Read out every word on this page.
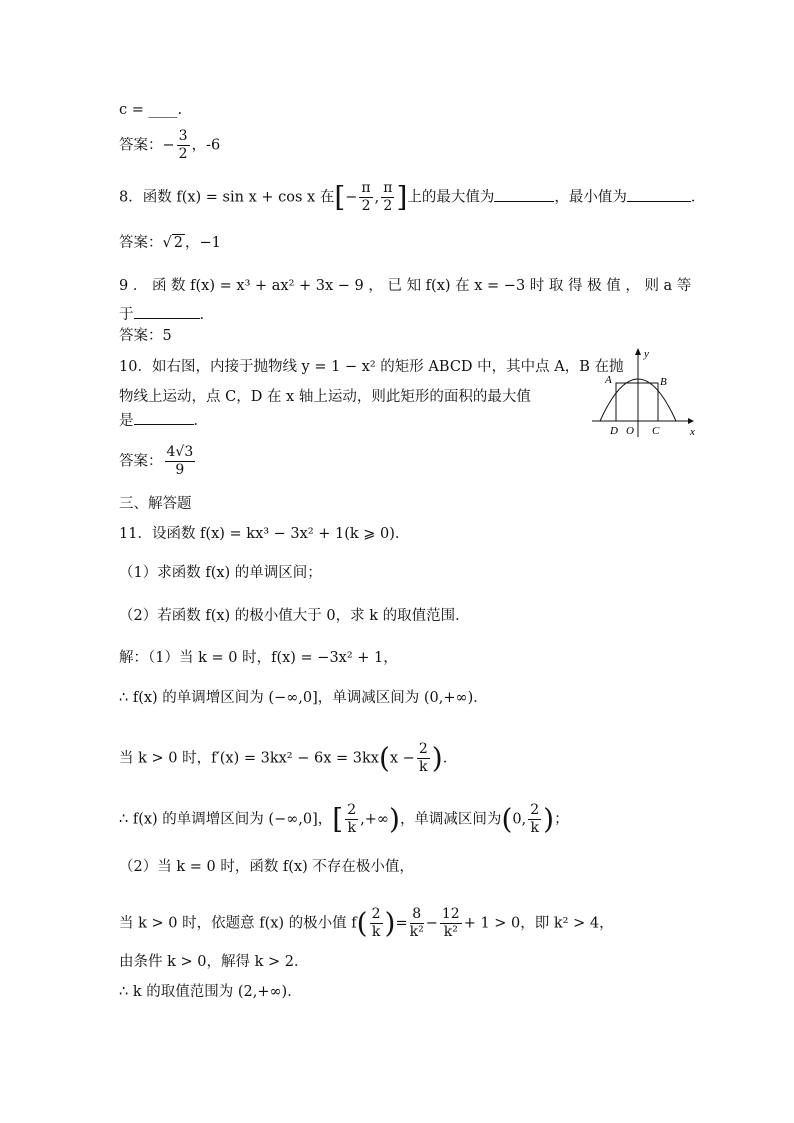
c = ____.
答案：− $\frac{3}{2}$ ，-6
8．函数 f(x) = sin x + cos x 在[− $\frac{\pi}{2}$ , $\frac{\pi}{2}$ ]上的最大值为	，最小值为	．
答案：√ 2 ，−1
9 ． 函 数 f(x) = x³ + ax² + 3x − 9 ， 已 知 f(x) 在 x = −3 时 取 得 极 值 ， 则 a 等
于	．
答案：5
10．如右图，内接于抛物线 y = 1 − x² 的矩形 ABCD 中，其中点 A，B 在抛
物线上运动，点 C，D 在 x 轴上运动，则此矩形的面积的最大值
是	．
答案： $\frac{4√3}{9}$
y
x
A	B
C
D O
三、解答题
11．设函数 f(x) = kx³ − 3x² + 1(k ⩾ 0)．
（1）求函数 f(x) 的单调区间；
（2）若函数 f(x) 的极小值大于 0，求 k 的取值范围．
解：（1）当 k = 0 时，f(x) = −3x² + 1，
∴ f(x) 的单调增区间为 (−∞,0]，单调减区间为 (0,+∞)．
当 k > 0 时，$f'(x) = 3kx^2 - 6x = 3kx(x - \frac{2}{k}$ )．
∴ f(x) 的单调增区间为 (−∞,0]，[ $\frac{2}{k}$ ,+∞)，单调减区间为(0, $\frac{2}{k}$ )；
（2）当 k = 0 时，函数 f(x) 不存在极小值，
当 k > 0 时，依题意 f(x) 的极小值 $f( \frac{2}{k}$ )= $\frac{8}{\text{k²}} - \frac{12}{\text{k²}} + 1 > 0$，即 k² > 4，
由条件 k > 0，解得 k > 2．
∴ k 的取值范围为 (2,+∞)．
